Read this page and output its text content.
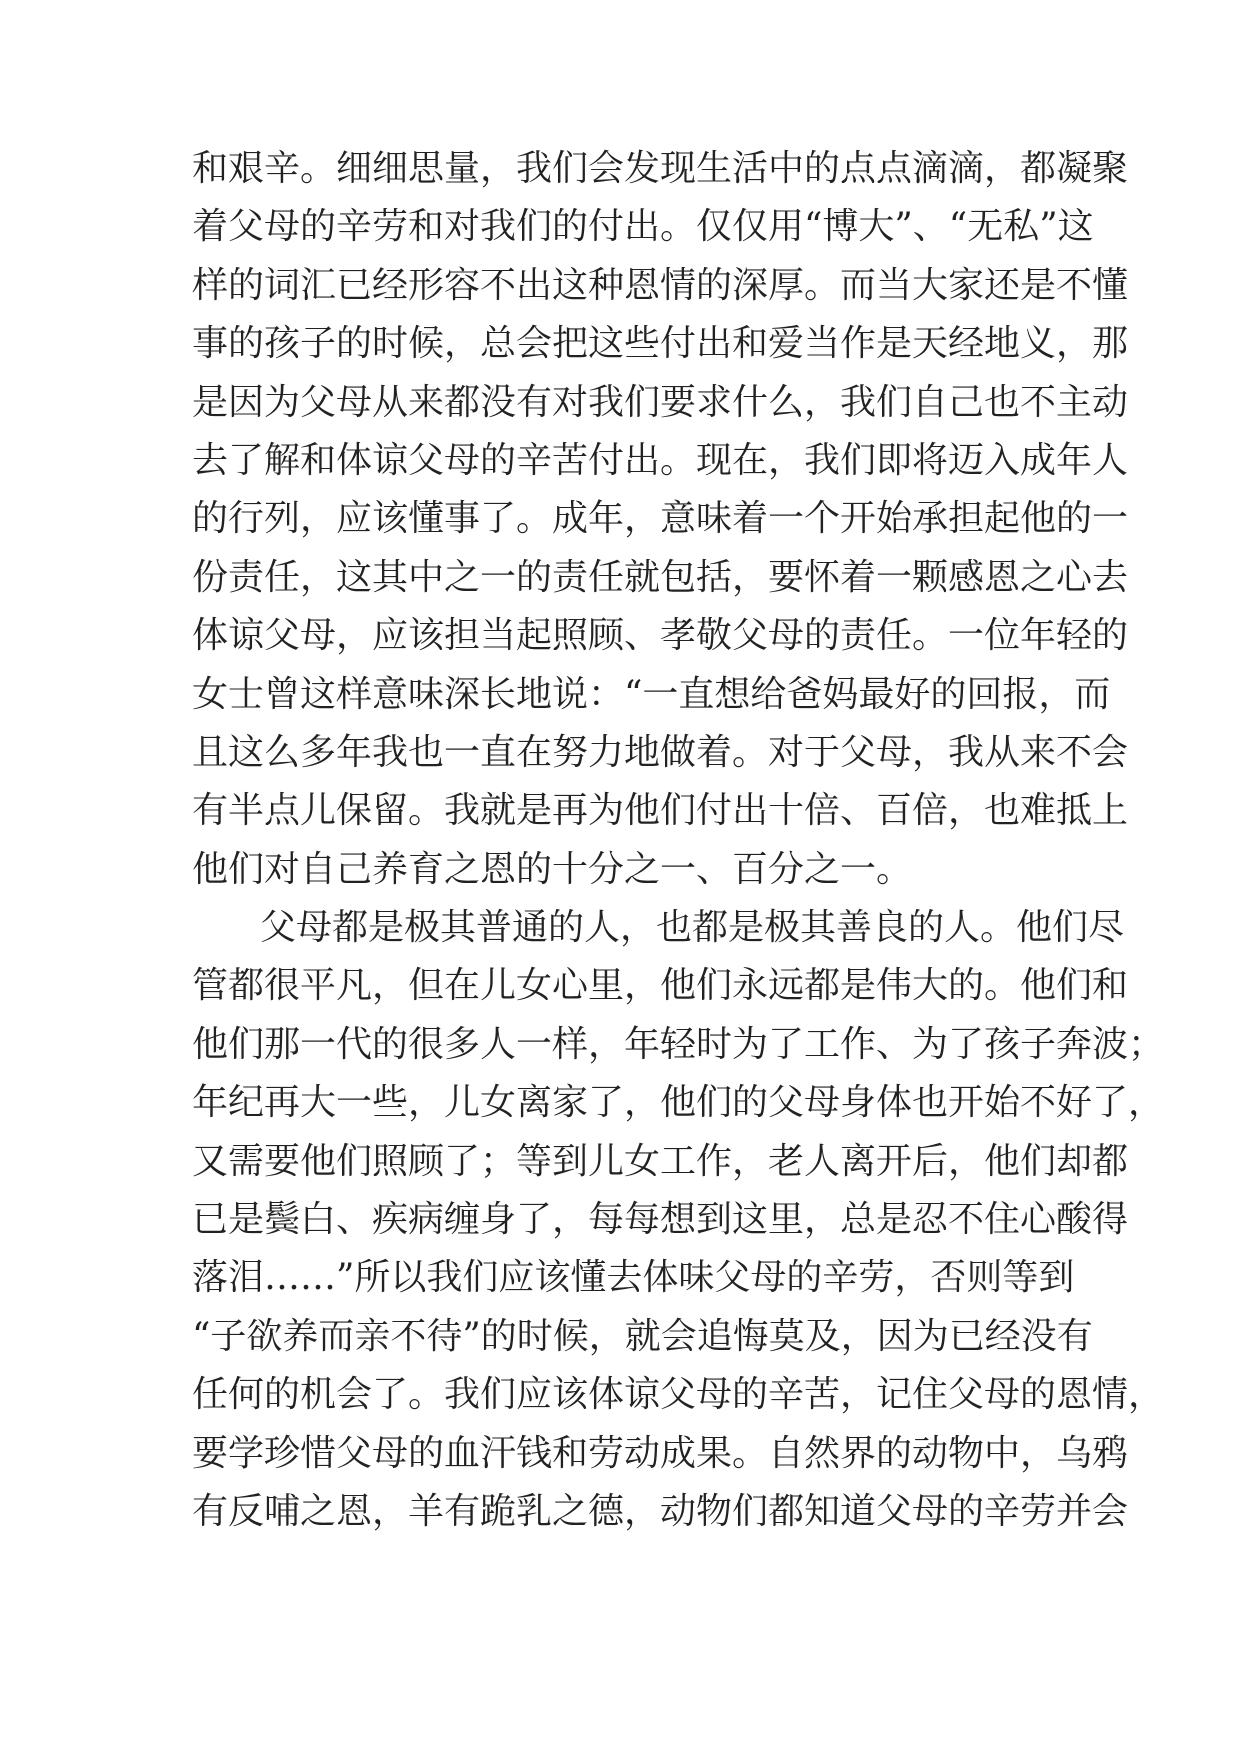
和艰辛。细细思量，我们会发现生活中的点点滴滴，都凝聚
着父母的辛劳和对我们的付出。仅仅用“博大”、“无私”这
样的词汇已经形容不出这种恩情的深厚。而当大家还是不懂
事的孩子的时候，总会把这些付出和爱当作是天经地义，那
是因为父母从来都没有对我们要求什么，我们自己也不主动
去了解和体谅父母的辛苦付出。现在，我们即将迈入成年人
的行列，应该懂事了。成年，意味着一个开始承担起他的一
份责任，这其中之一的责任就包括，要怀着一颗感恩之心去
体谅父母，应该担当起照顾、孝敬父母的责任。一位年轻的
女士曾这样意味深长地说：“一直想给爸妈最好的回报，而
且这么多年我也一直在努力地做着。对于父母，我从来不会
有半点儿保留。我就是再为他们付出十倍、百倍，也难抵上
他们对自己养育之恩的十分之一、百分之一。
父母都是极其普通的人，也都是极其善良的人。他们尽
管都很平凡，但在儿女心里，他们永远都是伟大的。他们和
他们那一代的很多人一样，年轻时为了工作、为了孩子奔波；
年纪再大一些，儿女离家了，他们的父母身体也开始不好了，
又需要他们照顾了；等到儿女工作，老人离开后，他们却都
已是鬓白、疾病缠身了，每每想到这里，总是忍不住心酸得
落泪……”所以我们应该懂去体味父母的辛劳，否则等到
“子欲养而亲不待”的时候，就会追悔莫及，因为已经没有
任何的机会了。我们应该体谅父母的辛苦，记住父母的恩情，
要学珍惜父母的血汗钱和劳动成果。自然界的动物中，乌鸦
有反哺之恩，羊有跪乳之德，动物们都知道父母的辛劳并会
